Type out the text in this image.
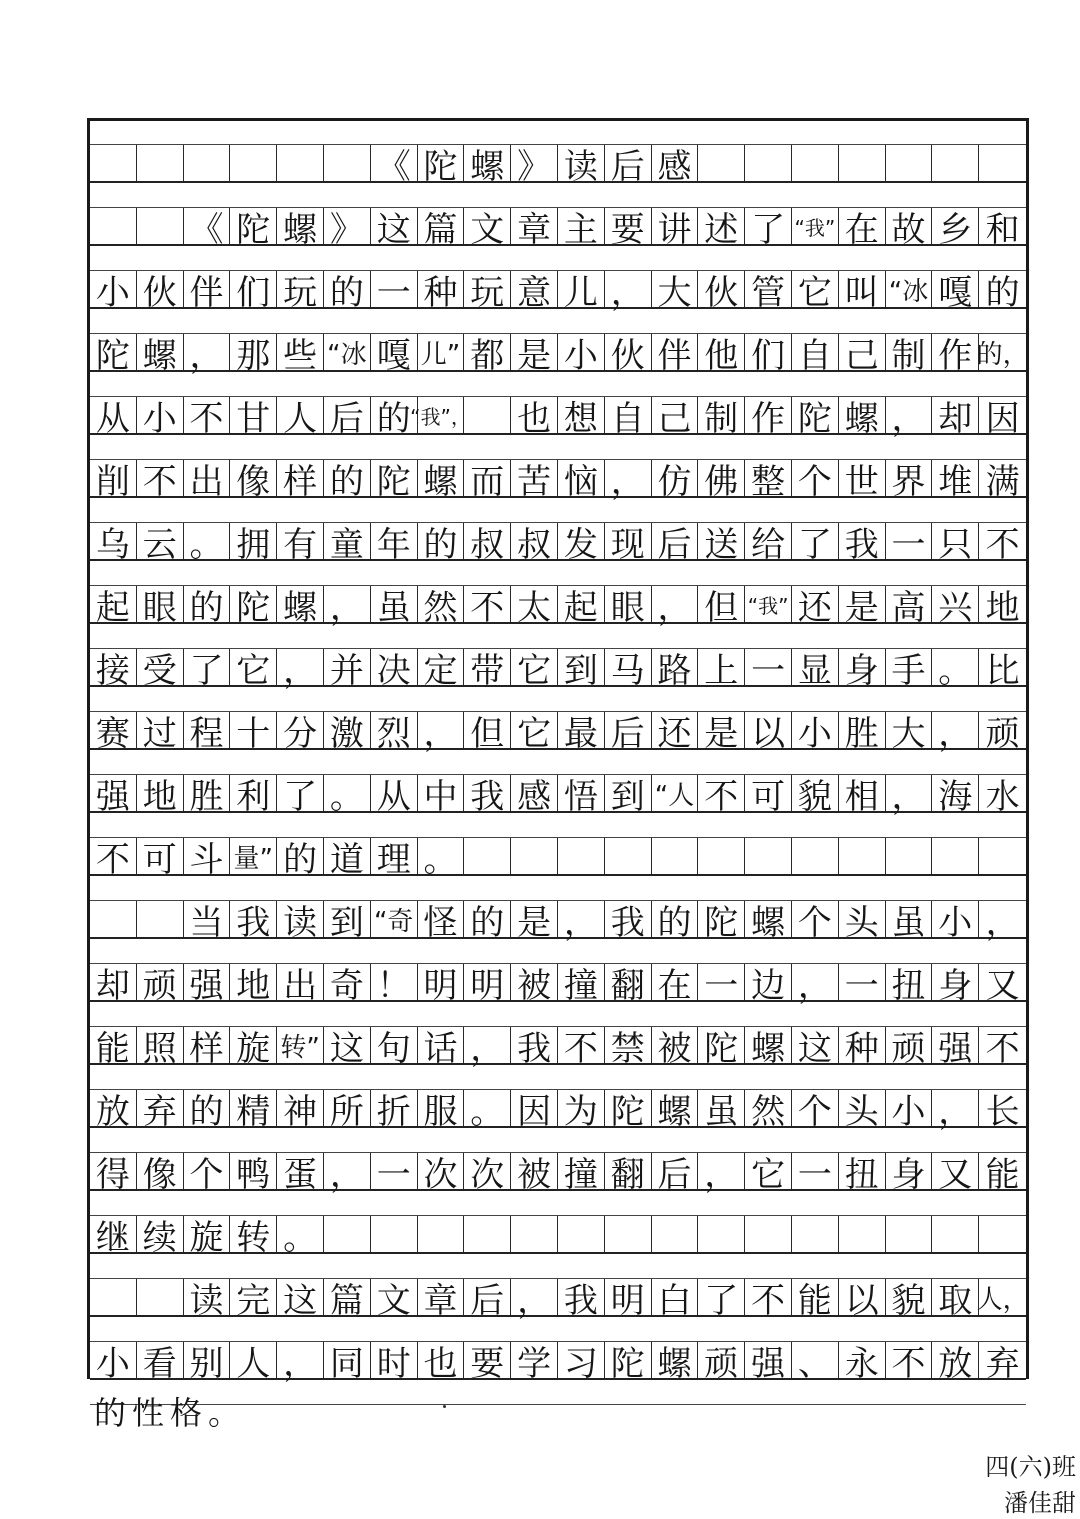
《 陀 螺 》 读 后 感
《 陀 螺 》 这 篇 文 章 主 要 讲 述 了 “我” 在 故 乡 和
小 伙 伴 们 玩 的 一 种 玩 意 儿 ， 大 伙 管 它 叫 “冰 嘎 的
陀 螺 ， 那 些 “冰 嘎 儿” 都 是 小 伙 伴 他 们 自 己 制 作 的，
从 小 不 甘 人 后 的 “我”， 也 想 自 己 制 作 陀 螺 ， 却 因
削 不 出 像 样 的 陀 螺 而 苦 恼 ， 仿 佛 整 个 世 界 堆 满
乌 云 。 拥 有 童 年 的 叔 叔 发 现 后 送 给 了 我 一 只 不
起 眼 的 陀 螺 ， 虽 然 不 太 起 眼 ， 但 “我” 还 是 高 兴 地
接 受 了 它 ， 并 决 定 带 它 到 马 路 上 一 显 身 手 。 比
赛 过 程 十 分 激 烈 ， 但 它 最 后 还 是 以 小 胜 大 ， 顽
强 地 胜 利 了 。 从 中 我 感 悟 到 “人 不 可 貌 相 ， 海 水
不 可 斗 量” 的 道 理 。
当 我 读 到 “奇 怪 的 是 ， 我 的 陀 螺 个 头 虽 小 ，
却 顽 强 地 出 奇 ！ 明 明 被 撞 翻 在 一 边 ， 一 扭 身 又
能 照 样 旋 转” 这 句 话 ， 我 不 禁 被 陀 螺 这 种 顽 强 不
放 弃 的 精 神 所 折 服 。 因 为 陀 螺 虽 然 个 头 小 ， 长
得 像 个 鸭 蛋 ， 一 次 次 被 撞 翻 后 ， 它 一 扭 身 又 能
继 续 旋 转 。
读 完 这 篇 文 章 后 ， 我 明 白 了 不 能 以 貌 取 人，
小 看 别 人 ， 同 时 也 要 学 习 陀 螺 顽 强 、 永 不 放 弃
的性格。
四(六)班
潘佳甜
